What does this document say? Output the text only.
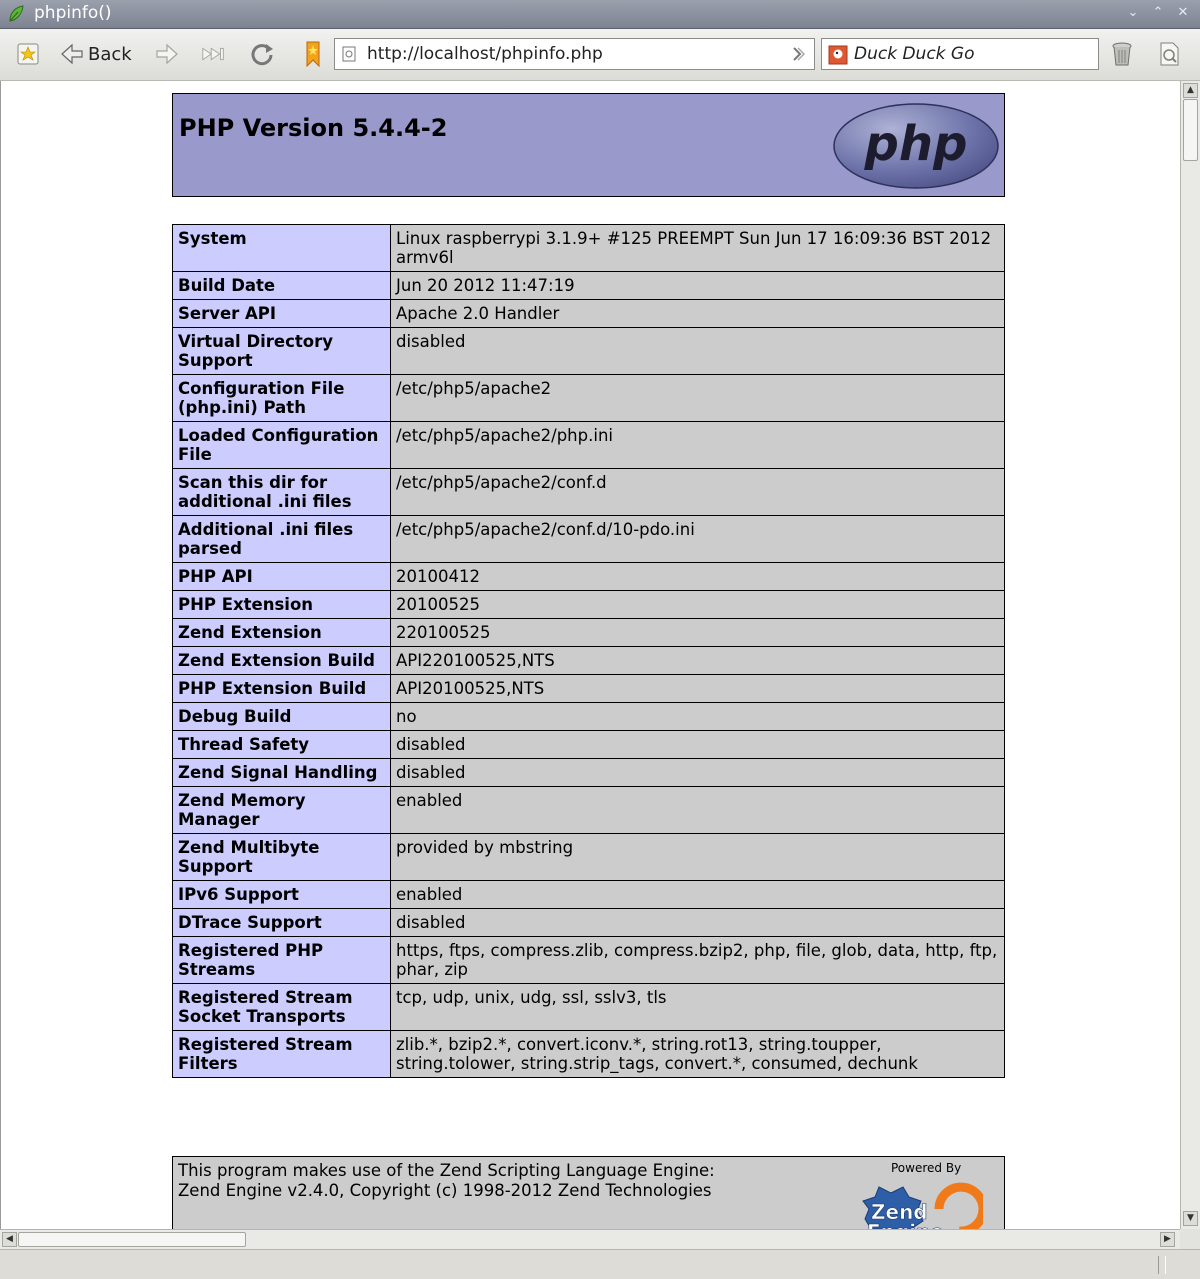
phpinfo()	⌄ ⌃ ✕
Back	http://localhost/phpinfo.php	Duck Duck Go
PHP Version 5.4.4-2	php
System	Linux raspberrypi 3.1.9+ #125 PREEMPT Sun Jun 17 16:09:36 BST 2012 armv6l
Build Date	Jun 20 2012 11:47:19
Server API	Apache 2.0 Handler
Virtual Directory Support	disabled
Configuration File (php.ini) Path	/etc/php5/apache2
Loaded Configuration File	/etc/php5/apache2/php.ini
Scan this dir for additional .ini files	/etc/php5/apache2/conf.d
Additional .ini files parsed	/etc/php5/apache2/conf.d/10-pdo.ini
PHP API	20100412
PHP Extension	20100525
Zend Extension	220100525
Zend Extension Build	API220100525,NTS
PHP Extension Build	API20100525,NTS
Debug Build	no
Thread Safety	disabled
Zend Signal Handling	disabled
Zend Memory Manager	enabled
Zend Multibyte Support	provided by mbstring
IPv6 Support	enabled
DTrace Support	disabled
Registered PHP Streams	https, ftps, compress.zlib, compress.bzip2, php, file, glob, data, http, ftp, phar, zip
Registered Stream Socket Transports	tcp, udp, unix, udg, ssl, sslv3, tls
Registered Stream Filters	zlib.*, bzip2.*, convert.iconv.*, string.rot13, string.toupper, string.tolower, string.strip_tags, convert.*, consumed, dechunk
This program makes use of the Zend Scripting Language Engine:
Zend Engine v2.4.0, Copyright (c) 1998-2012 Zend Technologies
Powered By
Zend
▲
▼
◀	▶
